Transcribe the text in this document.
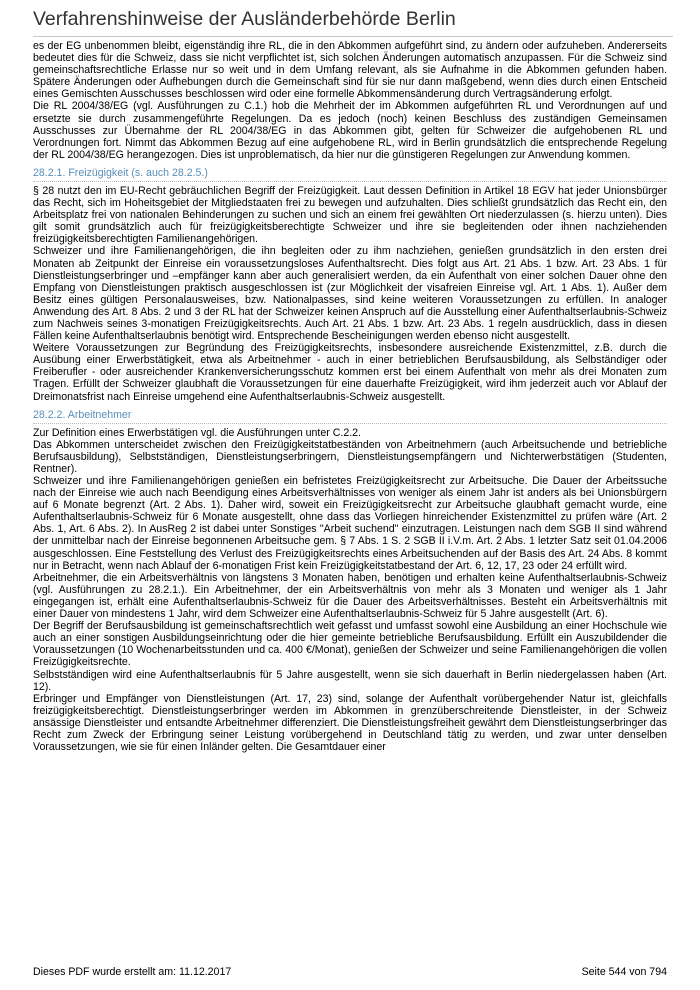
Verfahrenshinweise der Ausländerbehörde Berlin

es der EG unbenommen bleibt, eigenständig ihre RL, die in den Abkommen aufgeführt sind, zu ändern oder aufzuheben. Andererseits bedeutet dies für die Schweiz, dass sie nicht verpflichtet ist, sich solchen Änderungen automatisch anzupassen. Für die Schweiz sind gemeinschaftsrechtliche Erlasse nur so weit und in dem Umfang relevant, als sie Aufnahme in die Abkommen gefunden haben. Spätere Änderungen oder Aufhebungen durch die Gemeinschaft sind für sie nur dann maßgebend, wenn dies durch einen Entscheid eines Gemischten Ausschusses beschlossen wird oder eine formelle Abkommensänderung durch Vertragsänderung erfolgt.

Die RL 2004/38/EG (vgl. Ausführungen zu C.1.) hob die Mehrheit der im Abkommen aufgeführten RL und Verordnungen auf und ersetzte sie durch zusammengeführte Regelungen. Da es jedoch (noch) keinen Beschluss des zuständigen Gemeinsamen Ausschusses zur Übernahme der RL 2004/38/EG in das Abkommen gibt, gelten für Schweizer die aufgehobenen RL und Verordnungen fort. Nimmt das Abkommen Bezug auf eine aufgehobene RL, wird in Berlin grundsätzlich die entsprechende Regelung der RL 2004/38/EG herangezogen. Dies ist unproblematisch, da hier nur die günstigeren Regelungen zur Anwendung kommen.

28.2.1. Freizügigkeit (s. auch 28.2.5.)

§ 28 nutzt den im EU-Recht gebräuchlichen Begriff der Freizügigkeit. Laut dessen Definition in Artikel 18 EGV hat jeder Unionsbürger das Recht, sich im Hoheitsgebiet der Mitgliedstaaten frei zu bewegen und aufzuhalten. Dies schließt grundsätzlich das Recht ein, den Arbeitsplatz frei von nationalen Behinderungen zu suchen und sich an einem frei gewählten Ort niederzulassen (s. hierzu unten). Dies gilt somit grundsätzlich auch für freizügigkeitsberechtigte Schweizer und ihre sie begleitenden oder ihnen nachziehenden freizügigkeitsberechtigten Familienangehörigen.

Schweizer und ihre Familienangehörigen, die ihn begleiten oder zu ihm nachziehen, genießen grundsätzlich in den ersten drei Monaten ab Zeitpunkt der Einreise ein voraussetzungsloses Aufenthaltsrecht. Dies folgt aus Art. 21 Abs. 1 bzw. Art. 23 Abs. 1 für Dienstleistungserbringer und –empfänger kann aber auch generalisiert werden, da ein Aufenthalt von einer solchen Dauer ohne den Empfang von Dienstleistungen praktisch ausgeschlossen ist (zur Möglichkeit der visafreien Einreise vgl. Art. 1 Abs. 1). Außer dem Besitz eines gültigen Personalausweises, bzw. Nationalpasses, sind keine weiteren Voraussetzungen zu erfüllen. In analoger Anwendung des Art. 8 Abs. 2 und 3 der RL hat der Schweizer keinen Anspruch auf die Ausstellung einer Aufenthaltserlaubnis-Schweiz zum Nachweis seines 3-monatigen Freizügigkeitsrechts. Auch Art. 21 Abs. 1 bzw. Art. 23 Abs. 1 regeln ausdrücklich, dass in diesen Fällen keine Aufenthaltserlaubnis benötigt wird. Entsprechende Bescheinigungen werden ebenso nicht ausgestellt.

Weitere Voraussetzungen zur Begründung des Freizügigkeitsrechts, insbesondere ausreichende Existenzmittel, z.B. durch die Ausübung einer Erwerbstätigkeit, etwa als Arbeitnehmer - auch in einer betrieblichen Berufsausbildung, als Selbständiger oder Freiberufler - oder ausreichender Krankenversicherungsschutz kommen erst bei einem Aufenthalt von mehr als drei Monaten zum Tragen. Erfüllt der Schweizer glaubhaft die Voraussetzungen für eine dauerhafte Freizügigkeit, wird ihm jederzeit auch vor Ablauf der Dreimonatsfrist nach Einreise umgehend eine Aufenthaltserlaubnis-Schweiz ausgestellt.

28.2.2. Arbeitnehmer

Zur Definition eines Erwerbstätigen vgl. die Ausführungen unter C.2.2.

Das Abkommen unterscheidet zwischen den Freizügigkeitstatbeständen von Arbeitnehmern (auch Arbeitsuchende und betriebliche Berufsausbildung), Selbstständigen, Dienstleistungserbringern, Dienstleistungsempfängern und Nichterwerbstätigen (Studenten, Rentner).

Schweizer und ihre Familienangehörigen genießen ein befristetes Freizügigkeitsrecht zur Arbeitsuche. Die Dauer der Arbeitssuche nach der Einreise wie auch nach Beendigung eines Arbeitsverhältnisses von weniger als einem Jahr ist anders als bei Unionsbürgern auf 6 Monate begrenzt (Art. 2 Abs. 1). Daher wird, soweit ein Freizügigkeitsrecht zur Arbeitsuche glaubhaft gemacht wurde, eine Aufenthaltserlaubnis-Schweiz für 6 Monate ausgestellt, ohne dass das Vorliegen hinreichender Existenzmittel zu prüfen wäre (Art. 2 Abs. 1, Art. 6 Abs. 2). In AusReg 2 ist dabei unter Sonstiges "Arbeit suchend" einzutragen. Leistungen nach dem SGB II sind während der unmittelbar nach der Einreise begonnenen Arbeitsuche gem. § 7 Abs. 1 S. 2 SGB II i.V.m. Art. 2 Abs. 1 letzter Satz seit 01.04.2006 ausgeschlossen. Eine Feststellung des Verlust des Freizügigkeitsrechts eines Arbeitsuchenden auf der Basis des Art. 24 Abs. 8 kommt nur in Betracht, wenn nach Ablauf der 6-monatigen Frist kein Freizügigkeitstatbestand der Art. 6, 12, 17, 23 oder 24 erfüllt wird.

Arbeitnehmer, die ein Arbeitsverhältnis von längstens 3 Monaten haben, benötigen und erhalten keine Aufenthaltserlaubnis-Schweiz (vgl. Ausführungen zu 28.2.1.). Ein Arbeitnehmer, der ein Arbeitsverhältnis von mehr als 3 Monaten und weniger als 1 Jahr eingegangen ist, erhält eine Aufenthaltserlaubnis-Schweiz für die Dauer des Arbeitsverhältnisses. Besteht ein Arbeitsverhältnis mit einer Dauer von mindestens 1 Jahr, wird dem Schweizer eine Aufenthaltserlaubnis-Schweiz für 5 Jahre ausgestellt (Art. 6).

Der Begriff der Berufsausbildung ist gemeinschaftsrechtlich weit gefasst und umfasst sowohl eine Ausbildung an einer Hochschule wie auch an einer sonstigen Ausbildungseinrichtung oder die hier gemeinte betriebliche Berufsausbildung. Erfüllt ein Auszubildender die Voraussetzungen (10 Wochenarbeitsstunden und ca. 400 €/Monat), genießen der Schweizer und seine Familienangehörigen die vollen Freizügigkeitsrechte.

Selbstständigen wird eine Aufenthaltserlaubnis für 5 Jahre ausgestellt, wenn sie sich dauerhaft in Berlin niedergelassen haben (Art. 12).

Erbringer und Empfänger von Dienstleistungen (Art. 17, 23) sind, solange der Aufenthalt vorübergehender Natur ist, gleichfalls freizügigkeitsberechtigt. Dienstleistungserbringer werden im Abkommen in grenzüberschreitende Dienstleister, in der Schweiz ansässige Dienstleister und entsandte Arbeitnehmer differenziert. Die Dienstleistungsfreiheit gewährt dem Dienstleistungserbringer das Recht zum Zweck der Erbringung seiner Leistung vorübergehend in Deutschland tätig zu werden, und zwar unter denselben Voraussetzungen, wie sie für einen Inländer gelten. Die Gesamtdauer einer

Dieses PDF wurde erstellt am: 11.12.2017	Seite 544 von 794
